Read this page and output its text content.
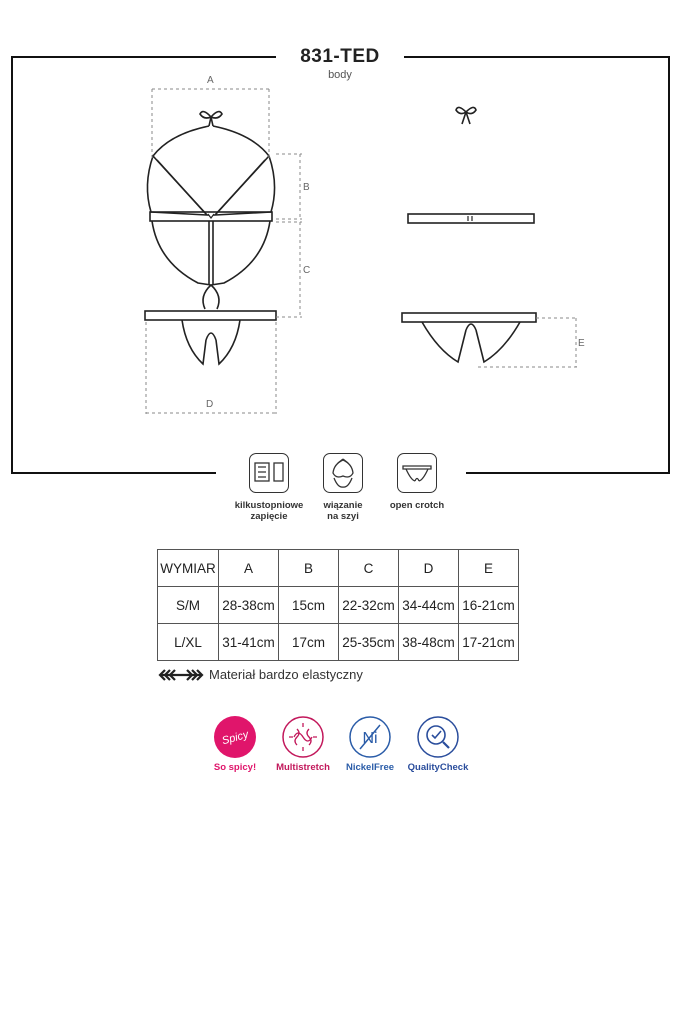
831-TED
body
A
B
C
D
E
kilkustopniowe
zapięcie
wiązanie
na szyi
open crotch
WYMIAR	A	B	C	D	E
S/M	28-38cm	15cm	22-32cm	34-44cm	16-21cm
L/XL	31-41cm	17cm	25-35cm	38-48cm	17-21cm
Materiał bardzo elastyczny
Spicy	Ni
So spicy!	Multistretch	NickelFree	QualityCheck
